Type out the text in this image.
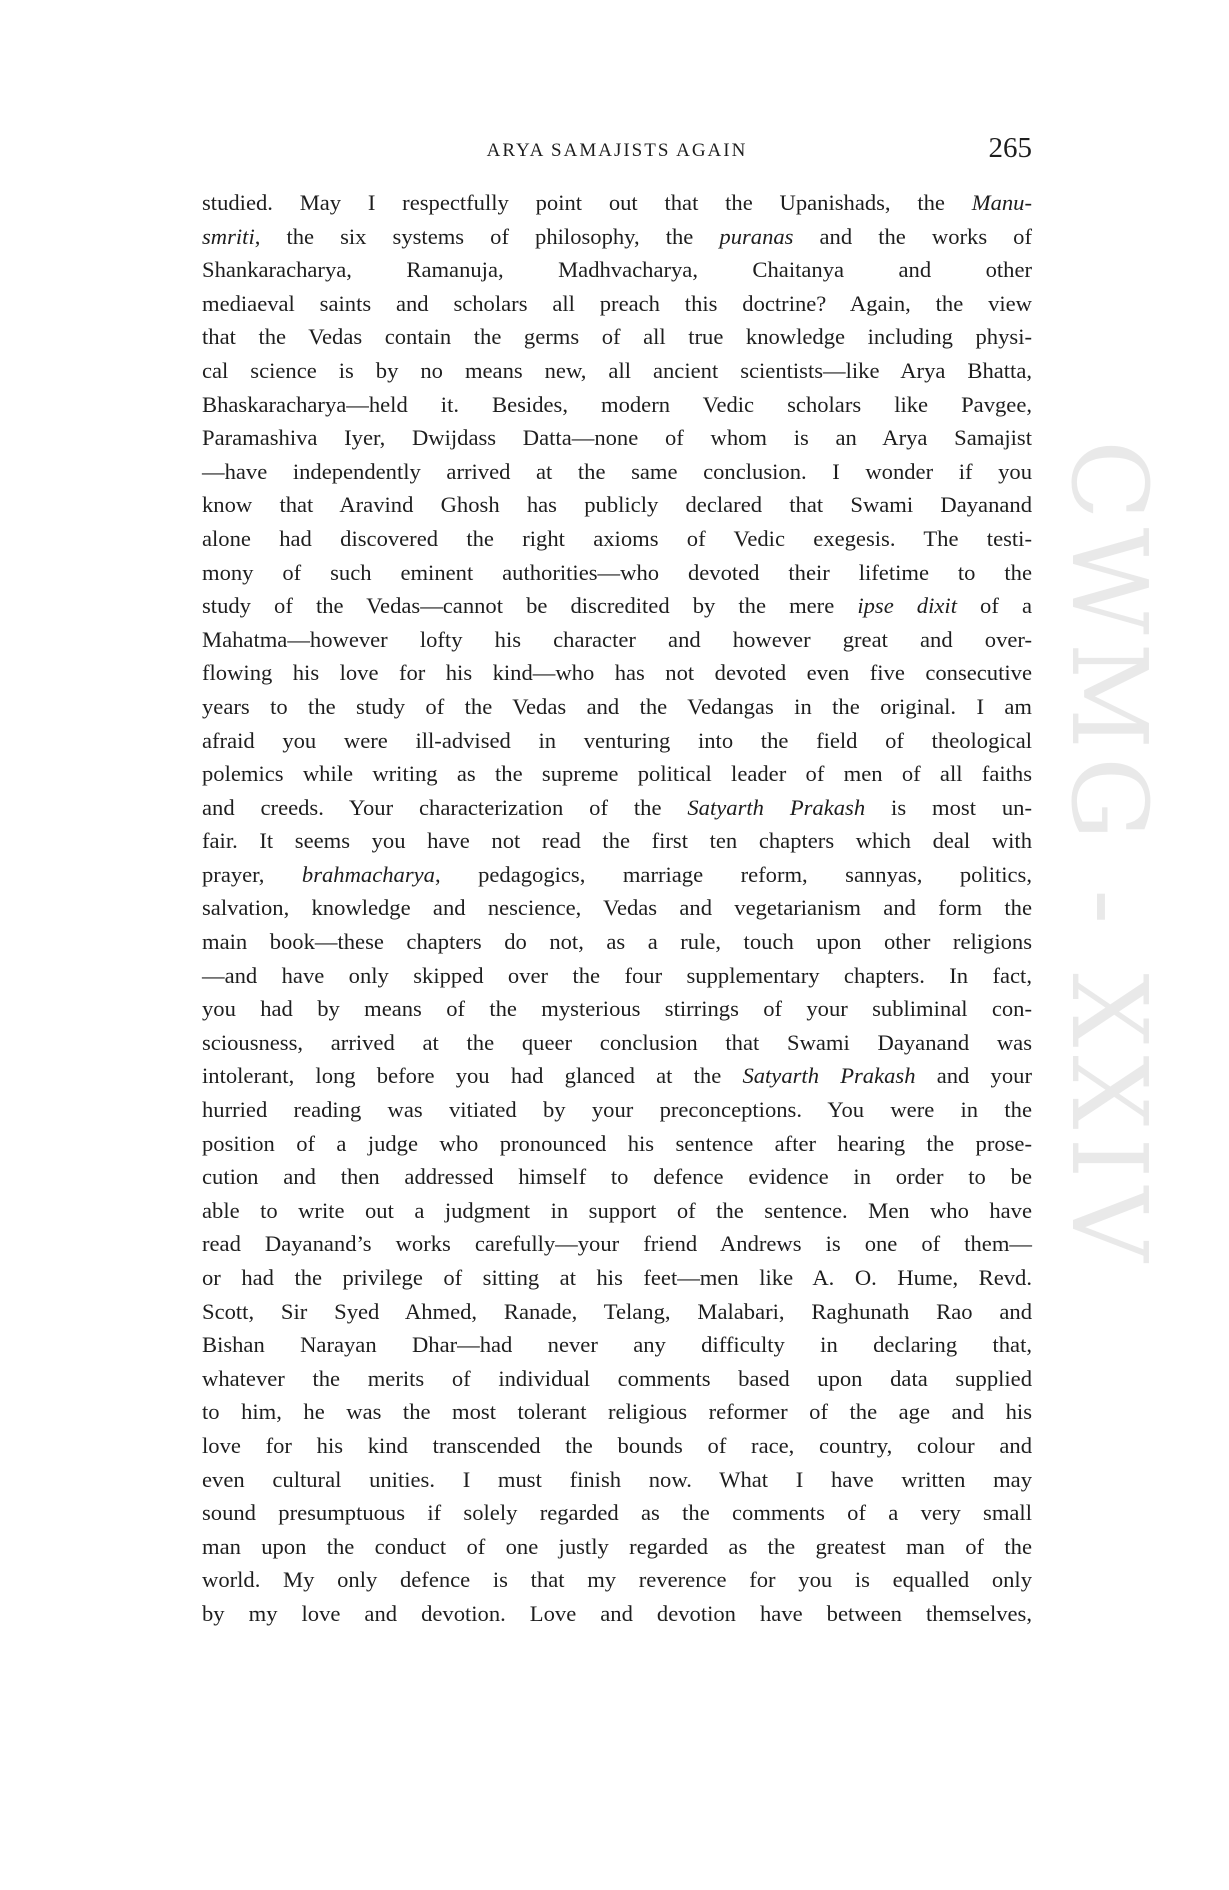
ARYA SAMAJISTS AGAIN	265
CWMG - XXIV
studied. May I respectfully point out that the Upanishads, the Manu-
smriti, the six systems of philosophy, the puranas and the works of
Shankaracharya, Ramanuja, Madhvacharya, Chaitanya and other
mediaeval saints and scholars all preach this doctrine? Again, the view
that the Vedas contain the germs of all true knowledge including physi-
cal science is by no means new, all ancient scientists—like Arya Bhatta,
Bhaskaracharya—held it. Besides, modern Vedic scholars like Pavgee,
Paramashiva Iyer, Dwijdass Datta—none of whom is an Arya Samajist
—have independently arrived at the same conclusion. I wonder if you
know that Aravind Ghosh has publicly declared that Swami Dayanand
alone had discovered the right axioms of Vedic exegesis. The testi-
mony of such eminent authorities—who devoted their lifetime to the
study of the Vedas—cannot be discredited by the mere ipse dixit of a
Mahatma—however lofty his character and however great and over-
flowing his love for his kind—who has not devoted even five consecutive
years to the study of the Vedas and the Vedangas in the original. I am
afraid you were ill-advised in venturing into the field of theological
polemics while writing as the supreme political leader of men of all faiths
and creeds. Your characterization of the Satyarth Prakash is most un-
fair. It seems you have not read the first ten chapters which deal with
prayer, brahmacharya, pedagogics, marriage reform, sannyas, politics,
salvation, knowledge and nescience, Vedas and vegetarianism and form the
main book—these chapters do not, as a rule, touch upon other religions
—and have only skipped over the four supplementary chapters. In fact,
you had by means of the mysterious stirrings of your subliminal con-
sciousness, arrived at the queer conclusion that Swami Dayanand was
intolerant, long before you had glanced at the Satyarth Prakash and your
hurried reading was vitiated by your preconceptions. You were in the
position of a judge who pronounced his sentence after hearing the prose-
cution and then addressed himself to defence evidence in order to be
able to write out a judgment in support of the sentence. Men who have
read Dayanand’s works carefully—your friend Andrews is one of them—
or had the privilege of sitting at his feet—men like A. O. Hume, Revd.
Scott, Sir Syed Ahmed, Ranade, Telang, Malabari, Raghunath Rao and
Bishan Narayan Dhar—had never any difficulty in declaring that,
whatever the merits of individual comments based upon data supplied
to him, he was the most tolerant religious reformer of the age and his
love for his kind transcended the bounds of race, country, colour and
even cultural unities. I must finish now. What I have written may
sound presumptuous if solely regarded as the comments of a very small
man upon the conduct of one justly regarded as the greatest man of the
world. My only defence is that my reverence for you is equalled only
by my love and devotion. Love and devotion have between themselves,
